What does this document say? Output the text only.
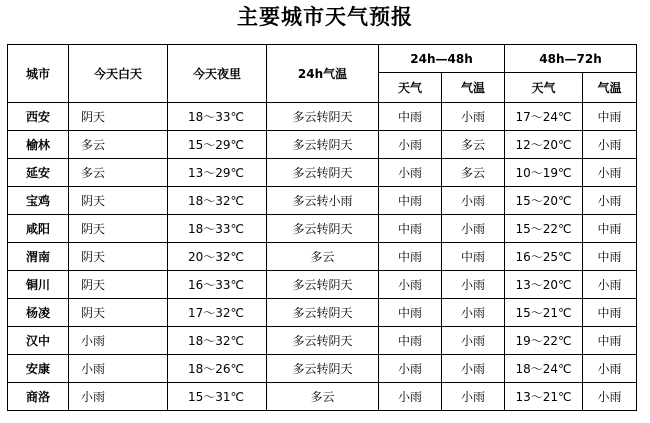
主要城市天气预报
城市	今天白天	今天夜里	24h气温	24h—48h		48h—72h	
				天气	气温	天气	气温
西安	阴天	18～33℃	多云转阴天	中雨	小雨	17～24℃	中雨
榆林	多云	15～29℃	多云转阴天	小雨	多云	12～20℃	小雨
延安	多云	13～29℃	多云转阴天	小雨	多云	10～19℃	小雨
宝鸡	阴天	18～32℃	多云转小雨	中雨	小雨	15～20℃	小雨
咸阳	阴天	18～33℃	多云转阴天	中雨	小雨	15～22℃	中雨
渭南	阴天	20～32℃	多云	中雨	中雨	16～25℃	中雨
铜川	阴天	16～33℃	多云转阴天	小雨	小雨	13～20℃	小雨
杨凌	阴天	17～32℃	多云转阴天	中雨	小雨	15～21℃	中雨
汉中	小雨	18～32℃	多云转阴天	中雨	小雨	19～22℃	中雨
安康	小雨	18～26℃	多云转阴天	小雨	小雨	18～24℃	小雨
商洛	小雨	15～31℃	多云	小雨	小雨	13～21℃	小雨
